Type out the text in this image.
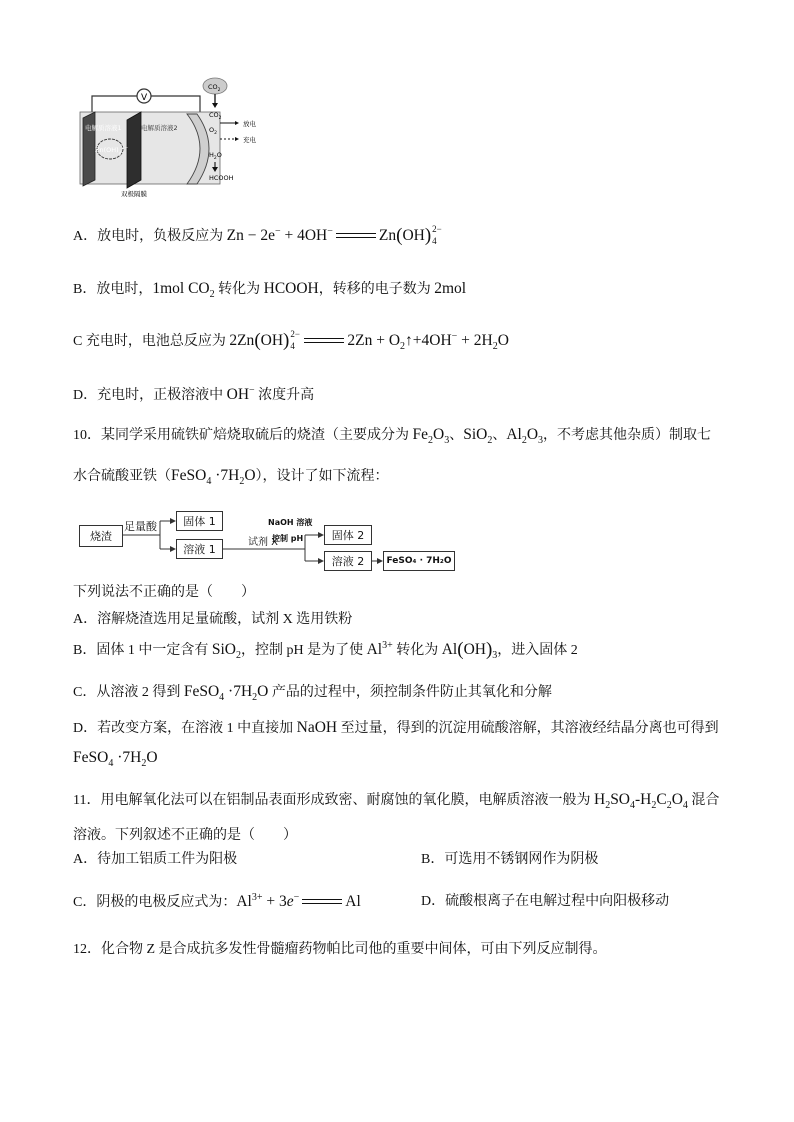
V
电解质溶液1	电解质溶液2
$Zn(OH)_4^{2-}$
$CO_2$
$CO_2$
$O_2$
放电
充电
$H_2O$
HCOOH
双极隔膜
A．放电时，负极反应为 Zn − 2e− + 4OH−	Zn(OH) 2−
4
B．放电时，1mol $CO_2$ 转化为 HCOOH，转移的电子数为 2mol
C 充电时，电池总反应为 2Zn(OH) 2−
4	$2Zn + O_2↑+4OH^- + 2H_2O$
D．充电时，正极溶液中 OH− 浓度升高
10．某同学采用硫铁矿焙烧取硫后的烧渣（主要成分为 $Fe_2O_3$、SiO$_2$、$Al_2O_3$，不考虑其他杂质）制取七
水合硫酸亚铁（FeSO$_4$ $\cdot 7H_2O$），设计了如下流程：
烧渣
足量酸	固体 1
溶液 1
试剂 X
NaOH 溶液
控制 pH	固体 2
溶液 2	FeSO₄ · 7H₂O
下列说法不正确的是（　　）
A．溶解烧渣选用足量硫酸，试剂 X 选用铁粉
B．固体 1 中一定含有 SiO$_2$，控制 pH 是为了使 $Al^{3+}$ 转化为 $Al(OH)_3$，进入固体 2
C．从溶液 2 得到 FeSO$_4$ $\cdot 7H_2O$ 产品的过程中，须控制条件防止其氧化和分解
D．若改变方案，在溶液 1 中直接加 NaOH 至过量，得到的沉淀用硫酸溶解，其溶液经结晶分离也可得到
FeSO$_4$ $\cdot 7H_2O$
11．用电解氧化法可以在铝制品表面形成致密、耐腐蚀的氧化膜，电解质溶液一般为 $H_2SO_4-H_2C_2O_4$ 混合
溶液。下列叙述不正确的是（　　）
A．待加工铝质工件为阳极	B．可选用不锈钢网作为阴极
C．阴极的电极反应式为：$Al^{3+} + 3e^-$	Al	D．硫酸根离子在电解过程中向阳极移动
12．化合物 Z 是合成抗多发性骨髓瘤药物帕比司他的重要中间体，可由下列反应制得。
